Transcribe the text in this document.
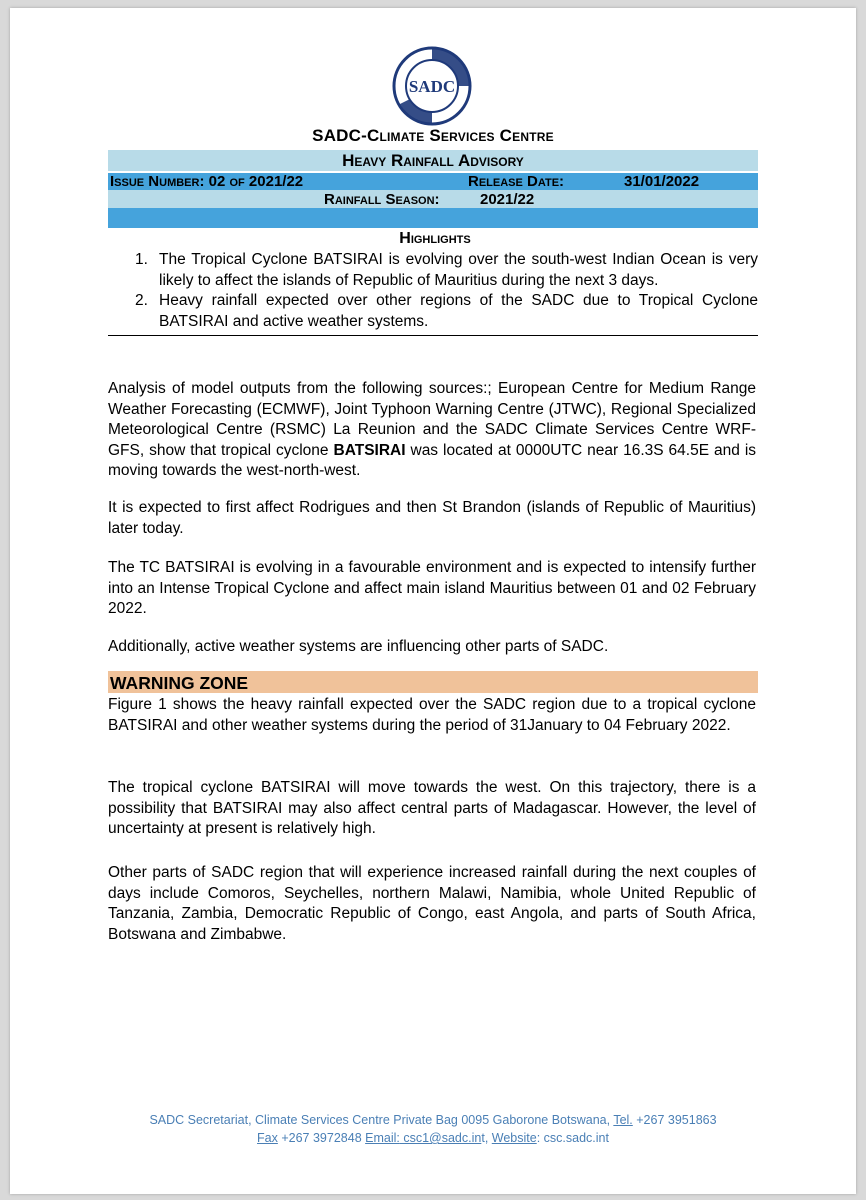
SADC
SADC-Climate Services Centre
Heavy Rainfall Advisory
Issue Number: 02 of 2021/22	Release Date:	31/01/2022
Rainfall Season:	2021/22
Highlights
1. The Tropical Cyclone BATSIRAI is evolving over the south-west Indian Ocean is very likely to affect the islands of Republic of Mauritius during the next 3 days.
2. Heavy rainfall expected over other regions of the SADC due to Tropical Cyclone BATSIRAI and active weather systems.
Analysis of model outputs from the following sources:; European Centre for Medium Range Weather Forecasting (ECMWF), Joint Typhoon Warning Centre (JTWC), Regional Specialized Meteorological Centre (RSMC) La Reunion and the SADC Climate Services Centre WRF-GFS, show that tropical cyclone BATSIRAI was located at 0000UTC near 16.3S 64.5E and is moving towards the west-north-west.
It is expected to first affect Rodrigues and then St Brandon (islands of Republic of Mauritius) later today.
The TC BATSIRAI is evolving in a favourable environment and is expected to intensify further into an Intense Tropical Cyclone and affect main island Mauritius between 01 and 02 February 2022.
Additionally, active weather systems are influencing other parts of SADC.
WARNING ZONE
Figure 1 shows the heavy rainfall expected over the SADC region due to a tropical cyclone BATSIRAI and other weather systems during the period of 31January to 04 February 2022.
The tropical cyclone BATSIRAI will move towards the west. On this trajectory, there is a possibility that BATSIRAI may also affect central parts of Madagascar. However, the level of uncertainty at present is relatively high.
Other parts of SADC region that will experience increased rainfall during the next couples of days include Comoros, Seychelles, northern Malawi, Namibia, whole United Republic of Tanzania, Zambia, Democratic Republic of Congo, east Angola, and parts of South Africa, Botswana and Zimbabwe.
SADC Secretariat, Climate Services Centre Private Bag 0095 Gaborone Botswana, Tel. +267 3951863
Fax +267 3972848 Email: csc1@sadc.int, Website: csc.sadc.int
